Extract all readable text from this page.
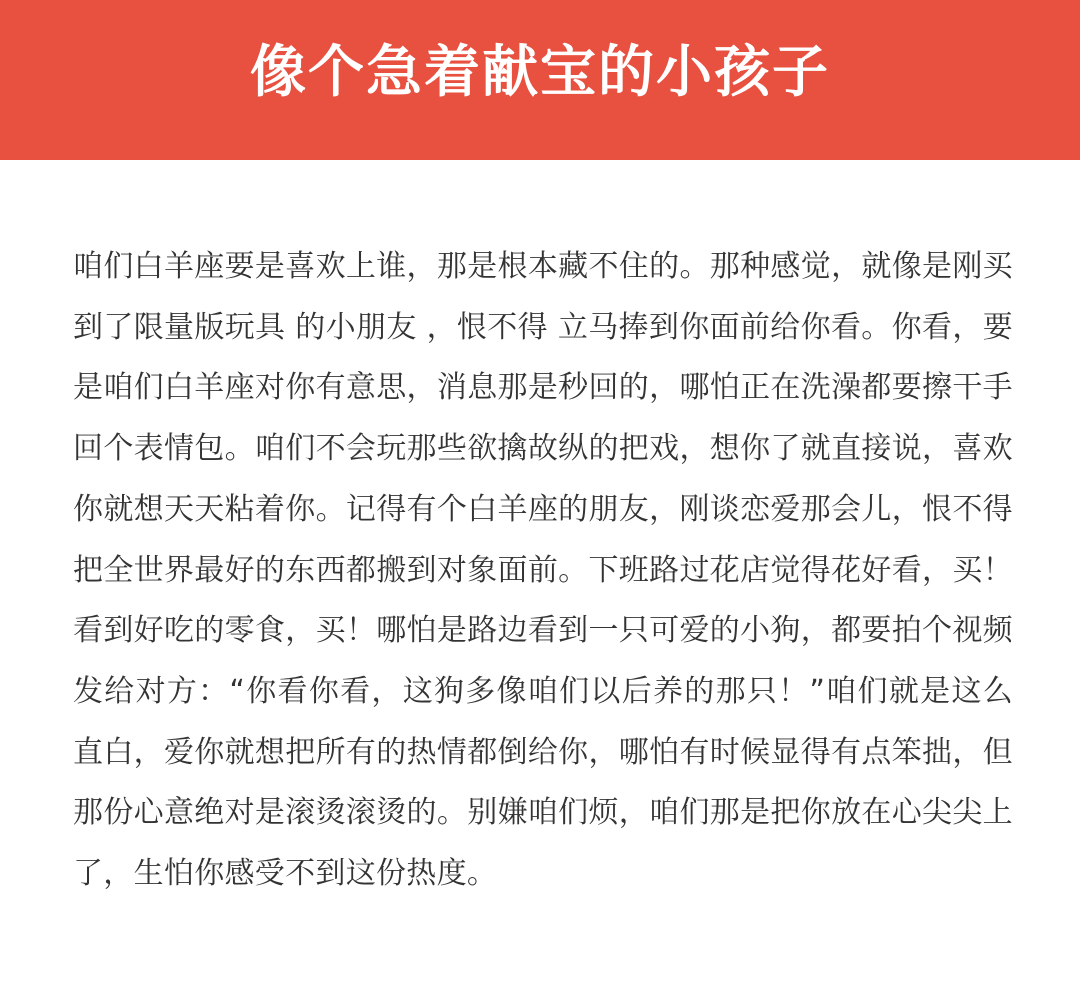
像个急着献宝的小孩子

咱们白羊座要是喜欢上谁，那是根本藏不住的。那种感觉，就像是刚买到了限量版玩具 的小朋友 ，恨不得 立马捧到你面前给你看。你看，要是咱们白羊座对你有意思，消息那是秒回的，哪怕正在洗澡都要擦干手回个表情包。咱们不会玩那些欲擒故纵的把戏，想你了就直接说，喜欢你就想天天粘着你。记得有个白羊座的朋友，刚谈恋爱那会儿，恨不得把全世界最好的东西都搬到对象面前。下班路过花店觉得花好看，买！看到好吃的零食，买！哪怕是路边看到一只可爱的小狗，都要拍个视频发给对方：“你看你看，这狗多像咱们以后养的那只！”咱们就是这么直白，爱你就想把所有的热情都倒给你，哪怕有时候显得有点笨拙，但那份心意绝对是滚烫滚烫的。别嫌咱们烦，咱们那是把你放在心尖尖上了，生怕你感受不到这份热度。
